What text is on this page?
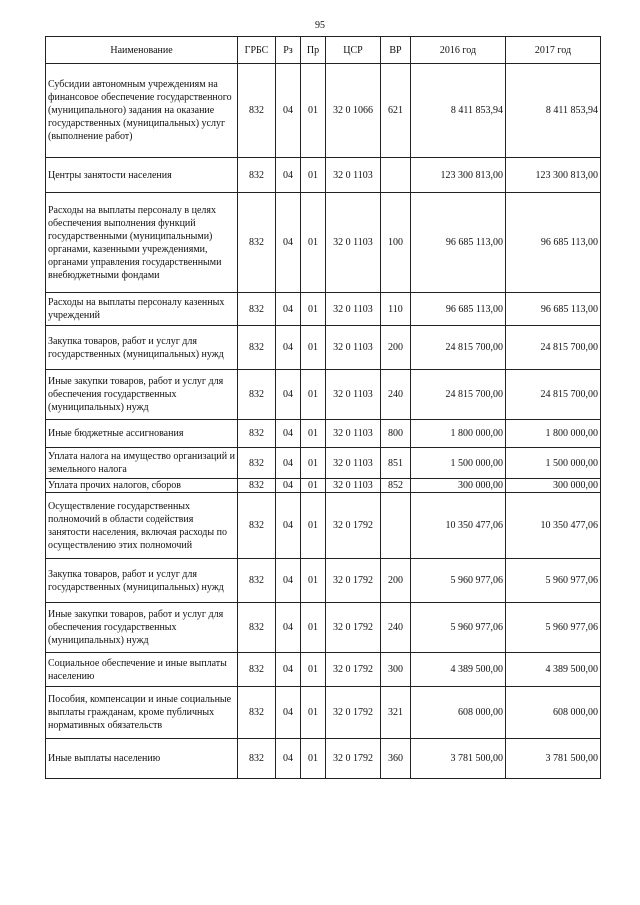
95
Наименование	ГРБС	Рз	Пр	ЦСР	ВР	2016 год	2017 год
Субсидии автономным учреждениям на финансовое обеспечение государственного (муниципального) задания на оказание государственных (муниципальных) услуг (выполнение работ)	832	04	01	32 0 1066	621	8 411 853,94	8 411 853,94
Центры занятости населения	832	04	01	32 0 1103		123 300 813,00	123 300 813,00
Расходы на выплаты персоналу в целях обеспечения выполнения функций государственными (муниципальными) органами, казенными учреждениями, органами управления государственными внебюджетными фондами	832	04	01	32 0 1103	100	96 685 113,00	96 685 113,00
Расходы на выплаты персоналу казенных учреждений	832	04	01	32 0 1103	110	96 685 113,00	96 685 113,00
Закупка товаров, работ и услуг для государственных (муниципальных) нужд	832	04	01	32 0 1103	200	24 815 700,00	24 815 700,00
Иные закупки товаров, работ и услуг для обеспечения государственных (муниципальных) нужд	832	04	01	32 0 1103	240	24 815 700,00	24 815 700,00
Иные бюджетные ассигнования	832	04	01	32 0 1103	800	1 800 000,00	1 800 000,00
Уплата налога на имущество организаций и земельного налога	832	04	01	32 0 1103	851	1 500 000,00	1 500 000,00
Уплата прочих налогов, сборов	832	04	01	32 0 1103	852	300 000,00	300 000,00
Осуществление государственных полномочий в области содействия занятости населения, включая расходы по осуществлению этих полномочий	832	04	01	32 0 1792		10 350 477,06	10 350 477,06
Закупка товаров, работ и услуг для государственных (муниципальных) нужд	832	04	01	32 0 1792	200	5 960 977,06	5 960 977,06
Иные закупки товаров, работ и услуг для обеспечения государственных (муниципальных) нужд	832	04	01	32 0 1792	240	5 960 977,06	5 960 977,06
Социальное обеспечение и иные выплаты населению	832	04	01	32 0 1792	300	4 389 500,00	4 389 500,00
Пособия, компенсации и иные социальные выплаты гражданам, кроме публичных нормативных обязательств	832	04	01	32 0 1792	321	608 000,00	608 000,00
Иные выплаты населению	832	04	01	32 0 1792	360	3 781 500,00	3 781 500,00
